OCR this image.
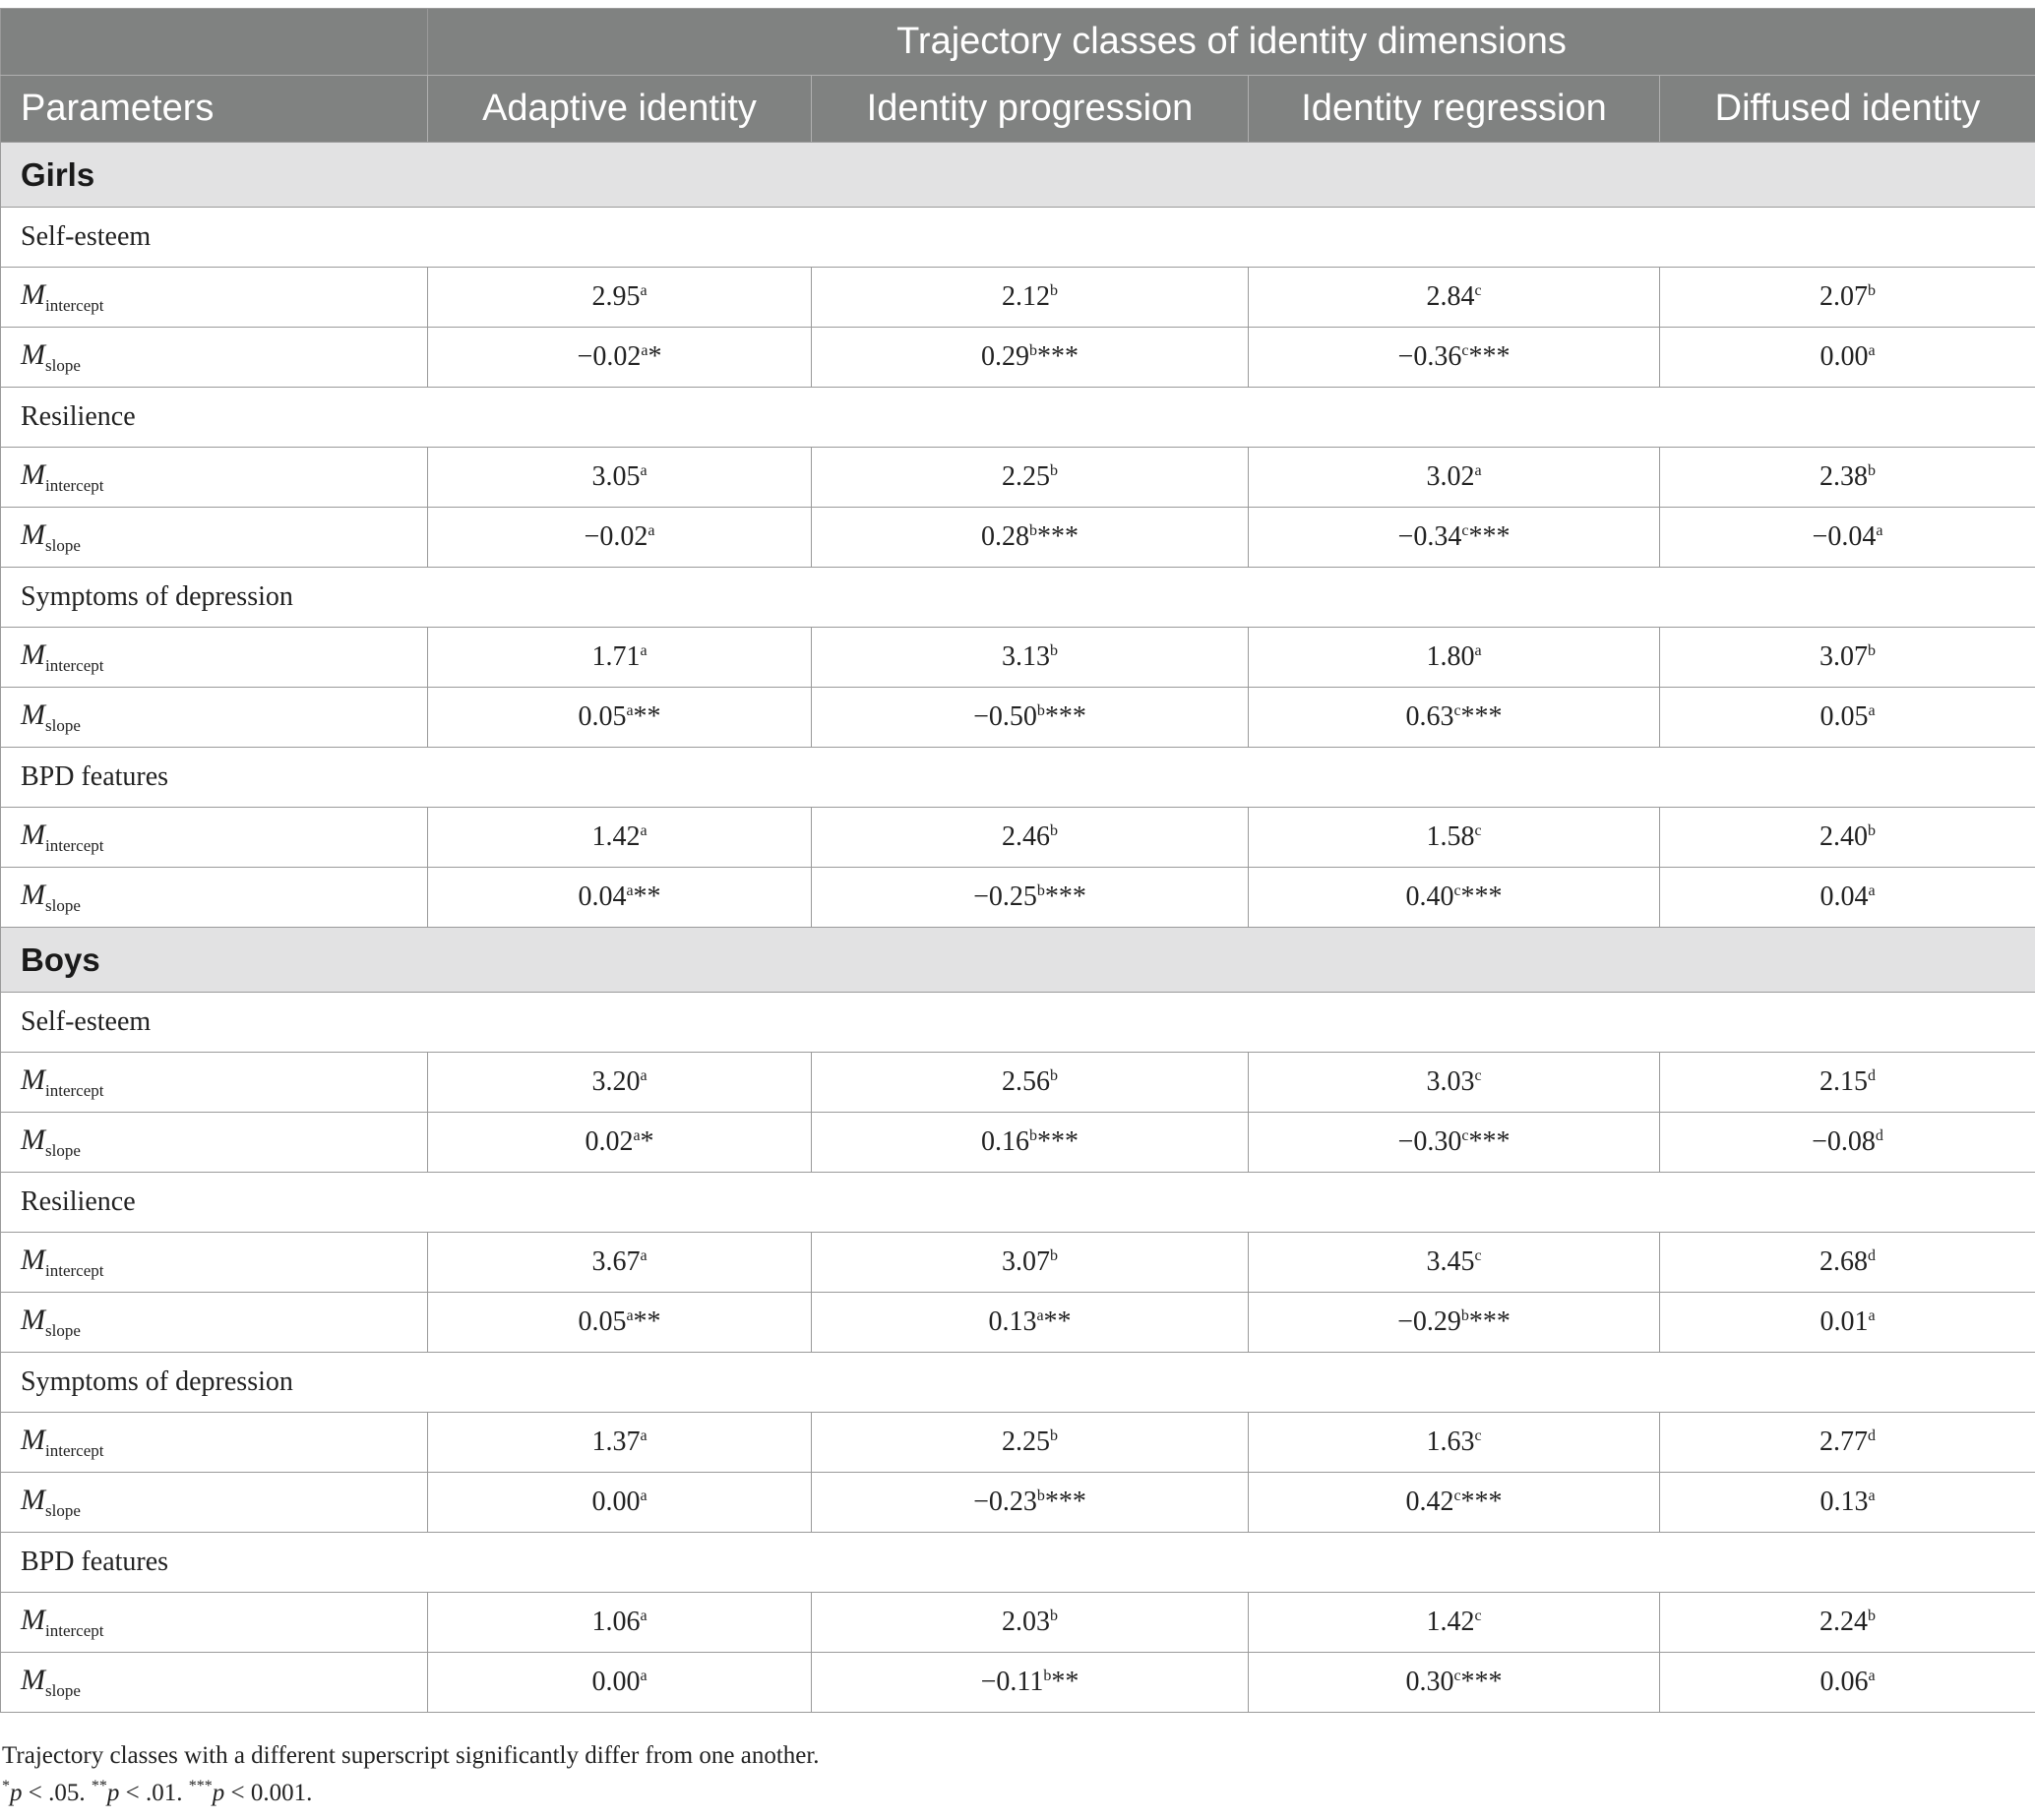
	Trajectory classes of identity dimensions			
Parameters	Adaptive identity	Identity progression	Identity regression	Diffused identity
Girls				
Self-esteem				
$M_{intercept}$	2.95$^a$	2.12$^b$	2.84$^c$	2.07$^b$
$M_{slope}$	−0.02$^a$*	0.29$^b$***	−0.36$^c$***	0.00$^a$
Resilience				
$M_{intercept}$	3.05$^a$	2.25$^b$	3.02$^a$	2.38$^b$
$M_{slope}$	−0.02$^a$	0.28$^b$***	−0.34$^c$***	−0.04$^a$
Symptoms of depression				
$M_{intercept}$	1.71$^a$	3.13$^b$	1.80$^a$	3.07$^b$
$M_{slope}$	0.05$^a$**	−0.50$^b$***	0.63$^c$***	0.05$^a$
BPD features				
$M_{intercept}$	1.42$^a$	2.46$^b$	1.58$^c$	2.40$^b$
$M_{slope}$	0.04$^a$**	−0.25$^b$***	0.40$^c$***	0.04$^a$
Boys				
Self-esteem				
$M_{intercept}$	3.20$^a$	2.56$^b$	3.03$^c$	2.15$^d$
$M_{slope}$	0.02$^a$*	0.16$^b$***	−0.30$^c$***	−0.08$^d$
Resilience				
$M_{intercept}$	3.67$^a$	3.07$^b$	3.45$^c$	2.68$^d$
$M_{slope}$	0.05$^a$**	0.13$^a$**	−0.29$^b$***	0.01$^a$
Symptoms of depression				
$M_{intercept}$	1.37$^a$	2.25$^b$	1.63$^c$	2.77$^d$
$M_{slope}$	0.00$^a$	−0.23$^b$***	0.42$^c$***	0.13$^a$
BPD features				
$M_{intercept}$	1.06$^a$	2.03$^b$	1.42$^c$	2.24$^b$
$M_{slope}$	0.00$^a$	−0.11$^b$**	0.30$^c$***	0.06$^a$
Trajectory classes with a different superscript significantly differ from one another.
*p < .05. **p < .01. ***p < 0.001.
